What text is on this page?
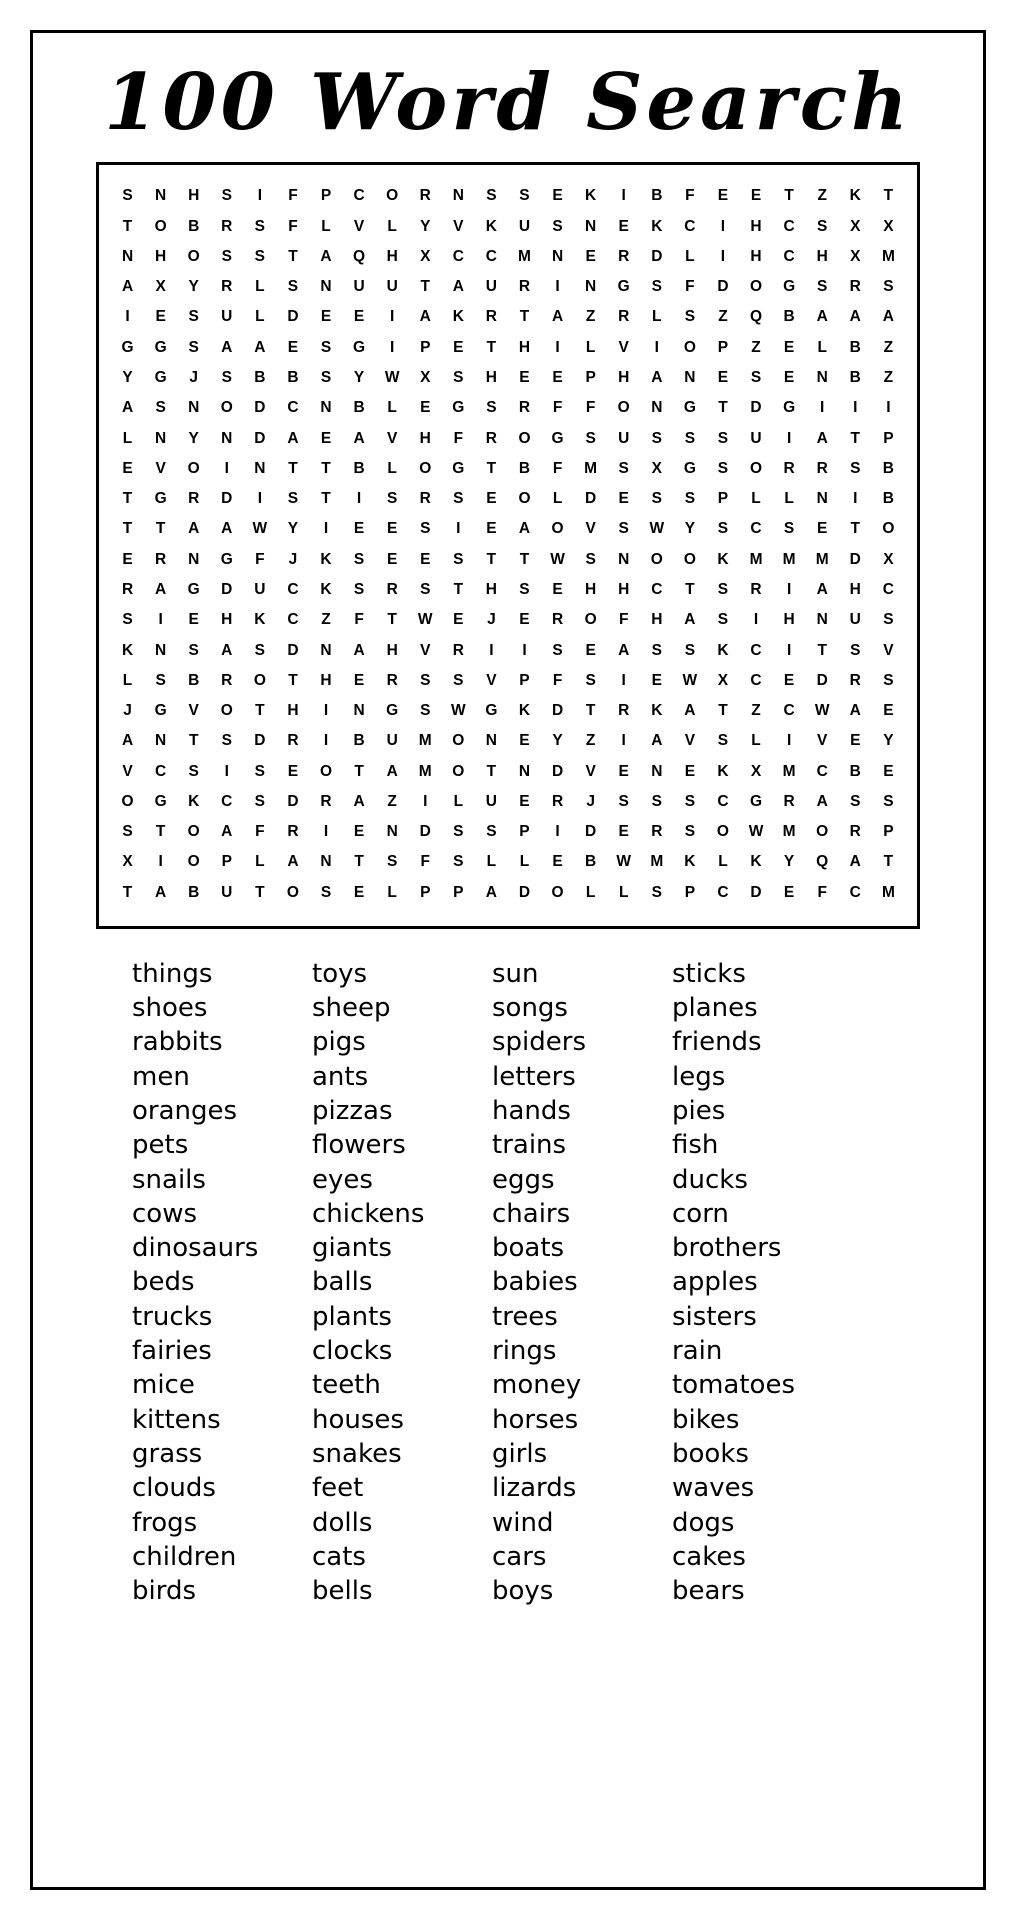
100 Word Search
S	N	H	S	I	F	P	C	O	R	N	S	S	E	K	I	B	F	E	E	T	Z	K	T
T	O	B	R	S	F	L	V	L	Y	V	K	U	S	N	E	K	C	I	H	C	S	X	X
N	H	O	S	S	T	A	Q	H	X	C	C	M	N	E	R	D	L	I	H	C	H	X	M
A	X	Y	R	L	S	N	U	U	T	A	U	R	I	N	G	S	F	D	O	G	S	R	S
I	E	S	U	L	D	E	E	I	A	K	R	T	A	Z	R	L	S	Z	Q	B	A	A	A
G	G	S	A	A	E	S	G	I	P	E	T	H	I	L	V	I	O	P	Z	E	L	B	Z
Y	G	J	S	B	B	S	Y	W	X	S	H	E	E	P	H	A	N	E	S	E	N	B	Z
A	S	N	O	D	C	N	B	L	E	G	S	R	F	F	O	N	G	T	D	G	I	I	I
L	N	Y	N	D	A	E	A	V	H	F	R	O	G	S	U	S	S	S	U	I	A	T	P
E	V	O	I	N	T	T	B	L	O	G	T	B	F	M	S	X	G	S	O	R	R	S	B
T	G	R	D	I	S	T	I	S	R	S	E	O	L	D	E	S	S	P	L	L	N	I	B
T	T	A	A	W	Y	I	E	E	S	I	E	A	O	V	S	W	Y	S	C	S	E	T	O
E	R	N	G	F	J	K	S	E	E	S	T	T	W	S	N	O	O	K	M	M	M	D	X
R	A	G	D	U	C	K	S	R	S	T	H	S	E	H	H	C	T	S	R	I	A	H	C
S	I	E	H	K	C	Z	F	T	W	E	J	E	R	O	F	H	A	S	I	H	N	U	S
K	N	S	A	S	D	N	A	H	V	R	I	I	S	E	A	S	S	K	C	I	T	S	V
L	S	B	R	O	T	H	E	R	S	S	V	P	F	S	I	E	W	X	C	E	D	R	S
J	G	V	O	T	H	I	N	G	S	W	G	K	D	T	R	K	A	T	Z	C	W	A	E
A	N	T	S	D	R	I	B	U	M	O	N	E	Y	Z	I	A	V	S	L	I	V	E	Y
V	C	S	I	S	E	O	T	A	M	O	T	N	D	V	E	N	E	K	X	M	C	B	E
O	G	K	C	S	D	R	A	Z	I	L	U	E	R	J	S	S	S	C	G	R	A	S	S
S	T	O	A	F	R	I	E	N	D	S	S	P	I	D	E	R	S	O	W	M	O	R	P
X	I	O	P	L	A	N	T	S	F	S	L	L	E	B	W	M	K	L	K	Y	Q	A	T
T	A	B	U	T	O	S	E	L	P	P	A	D	O	L	L	S	P	C	D	E	F	C	M
things
shoes
rabbits
men
oranges
pets
snails
cows
dinosaurs
beds
trucks
fairies
mice
kittens
grass
clouds
frogs
children
birds
toys
sheep
pigs
ants
pizzas
flowers
eyes
chickens
giants
balls
plants
clocks
teeth
houses
snakes
feet
dolls
cats
bells
sun
songs
spiders
letters
hands
trains
eggs
chairs
boats
babies
trees
rings
money
horses
girls
lizards
wind
cars
boys
sticks
planes
friends
legs
pies
fish
ducks
corn
brothers
apples
sisters
rain
tomatoes
bikes
books
waves
dogs
cakes
bears
